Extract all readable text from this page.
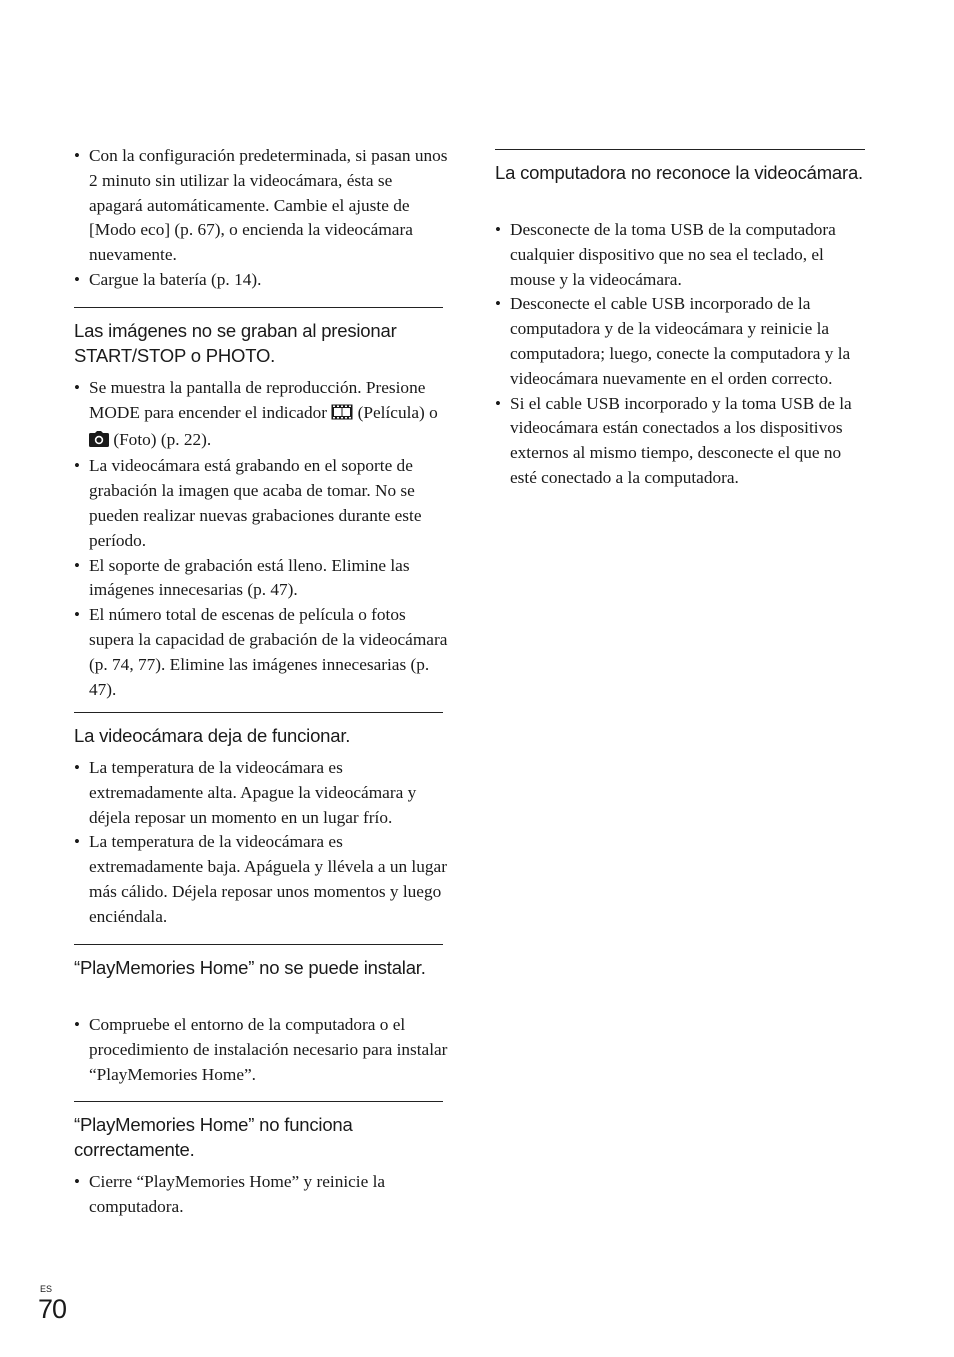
• Con la configuración predeterminada, si pasan unos 2 minuto sin utilizar la videocámara, ésta se apagará automáticamente. Cambie el ajuste de [Modo eco] (p. 67), o encienda la videocámara nuevamente.
• Cargue la batería (p. 14).
Las imágenes no se graban al presionar START/STOP o PHOTO.
• Se muestra la pantalla de reproducción. Presione MODE para encender el indicador  (Película) o  (Foto) (p. 22).
• La videocámara está grabando en el soporte de grabación la imagen que acaba de tomar. No se pueden realizar nuevas grabaciones durante este período.
• El soporte de grabación está lleno. Elimine las imágenes innecesarias (p. 47).
• El número total de escenas de película o fotos supera la capacidad de grabación de la videocámara (p. 74, 77). Elimine las imágenes innecesarias (p. 47).
La videocámara deja de funcionar.
• La temperatura de la videocámara es extremadamente alta. Apague la videocámara y déjela reposar un momento en un lugar frío.
• La temperatura de la videocámara es extremadamente baja. Apáguela y llévela a un lugar más cálido. Déjela reposar unos momentos y luego enciéndala.
“PlayMemories Home” no se puede instalar.
• Compruebe el entorno de la computadora o el procedimiento de instalación necesario para instalar “PlayMemories Home”.
“PlayMemories Home” no funciona correctamente.
• Cierre “PlayMemories Home” y reinicie la computadora.
La computadora no reconoce la videocámara.
• Desconecte de la toma USB de la computadora cualquier dispositivo que no sea el teclado, el mouse y la videocámara.
• Desconecte el cable USB incorporado de la computadora y de la videocámara y reinicie la computadora; luego, conecte la computadora y la videocámara nuevamente en el orden correcto.
• Si el cable USB incorporado y la toma USB de la videocámara están conectados a los dispositivos externos al mismo tiempo, desconecte el que no esté conectado a la computadora.
ES
70
